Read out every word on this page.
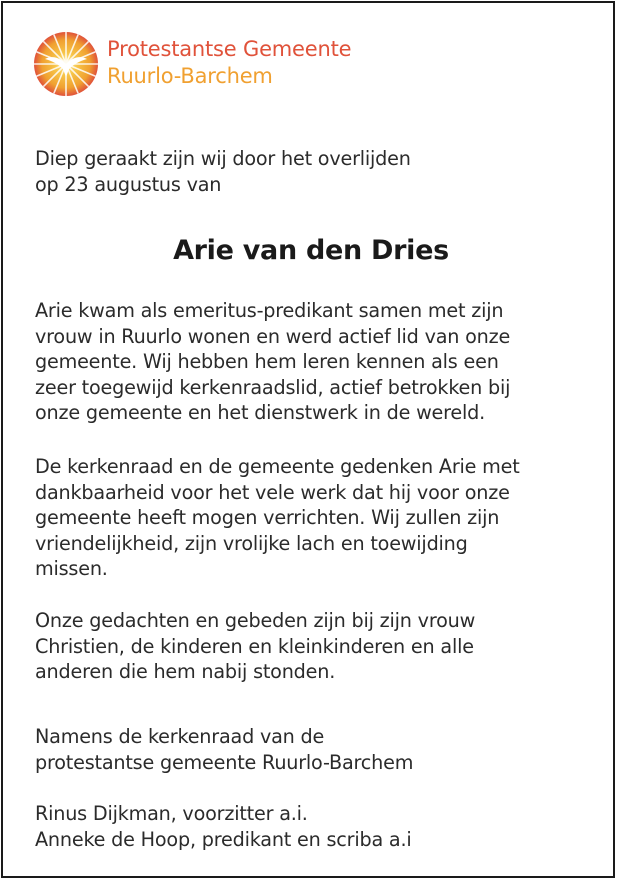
Protestantse Gemeente
Ruurlo-Barchem
Diep geraakt zijn wij door het overlijden
op 23 augustus van
Arie van den Dries
Arie kwam als emeritus-predikant samen met zijn
vrouw in Ruurlo wonen en werd actief lid van onze
gemeente. Wij hebben hem leren kennen als een
zeer toegewijd kerkenraadslid, actief betrokken bij
onze gemeente en het dienstwerk in de wereld.
De kerkenraad en de gemeente gedenken Arie met
dankbaarheid voor het vele werk dat hij voor onze
gemeente heeft mogen verrichten. Wij zullen zijn
vriendelijkheid, zijn vrolijke lach en toewijding
missen.
Onze gedachten en gebeden zijn bij zijn vrouw
Christien, de kinderen en kleinkinderen en alle
anderen die hem nabij stonden.
Namens de kerkenraad van de
protestantse gemeente Ruurlo-Barchem
Rinus Dijkman, voorzitter a.i.
Anneke de Hoop, predikant en scriba a.i
